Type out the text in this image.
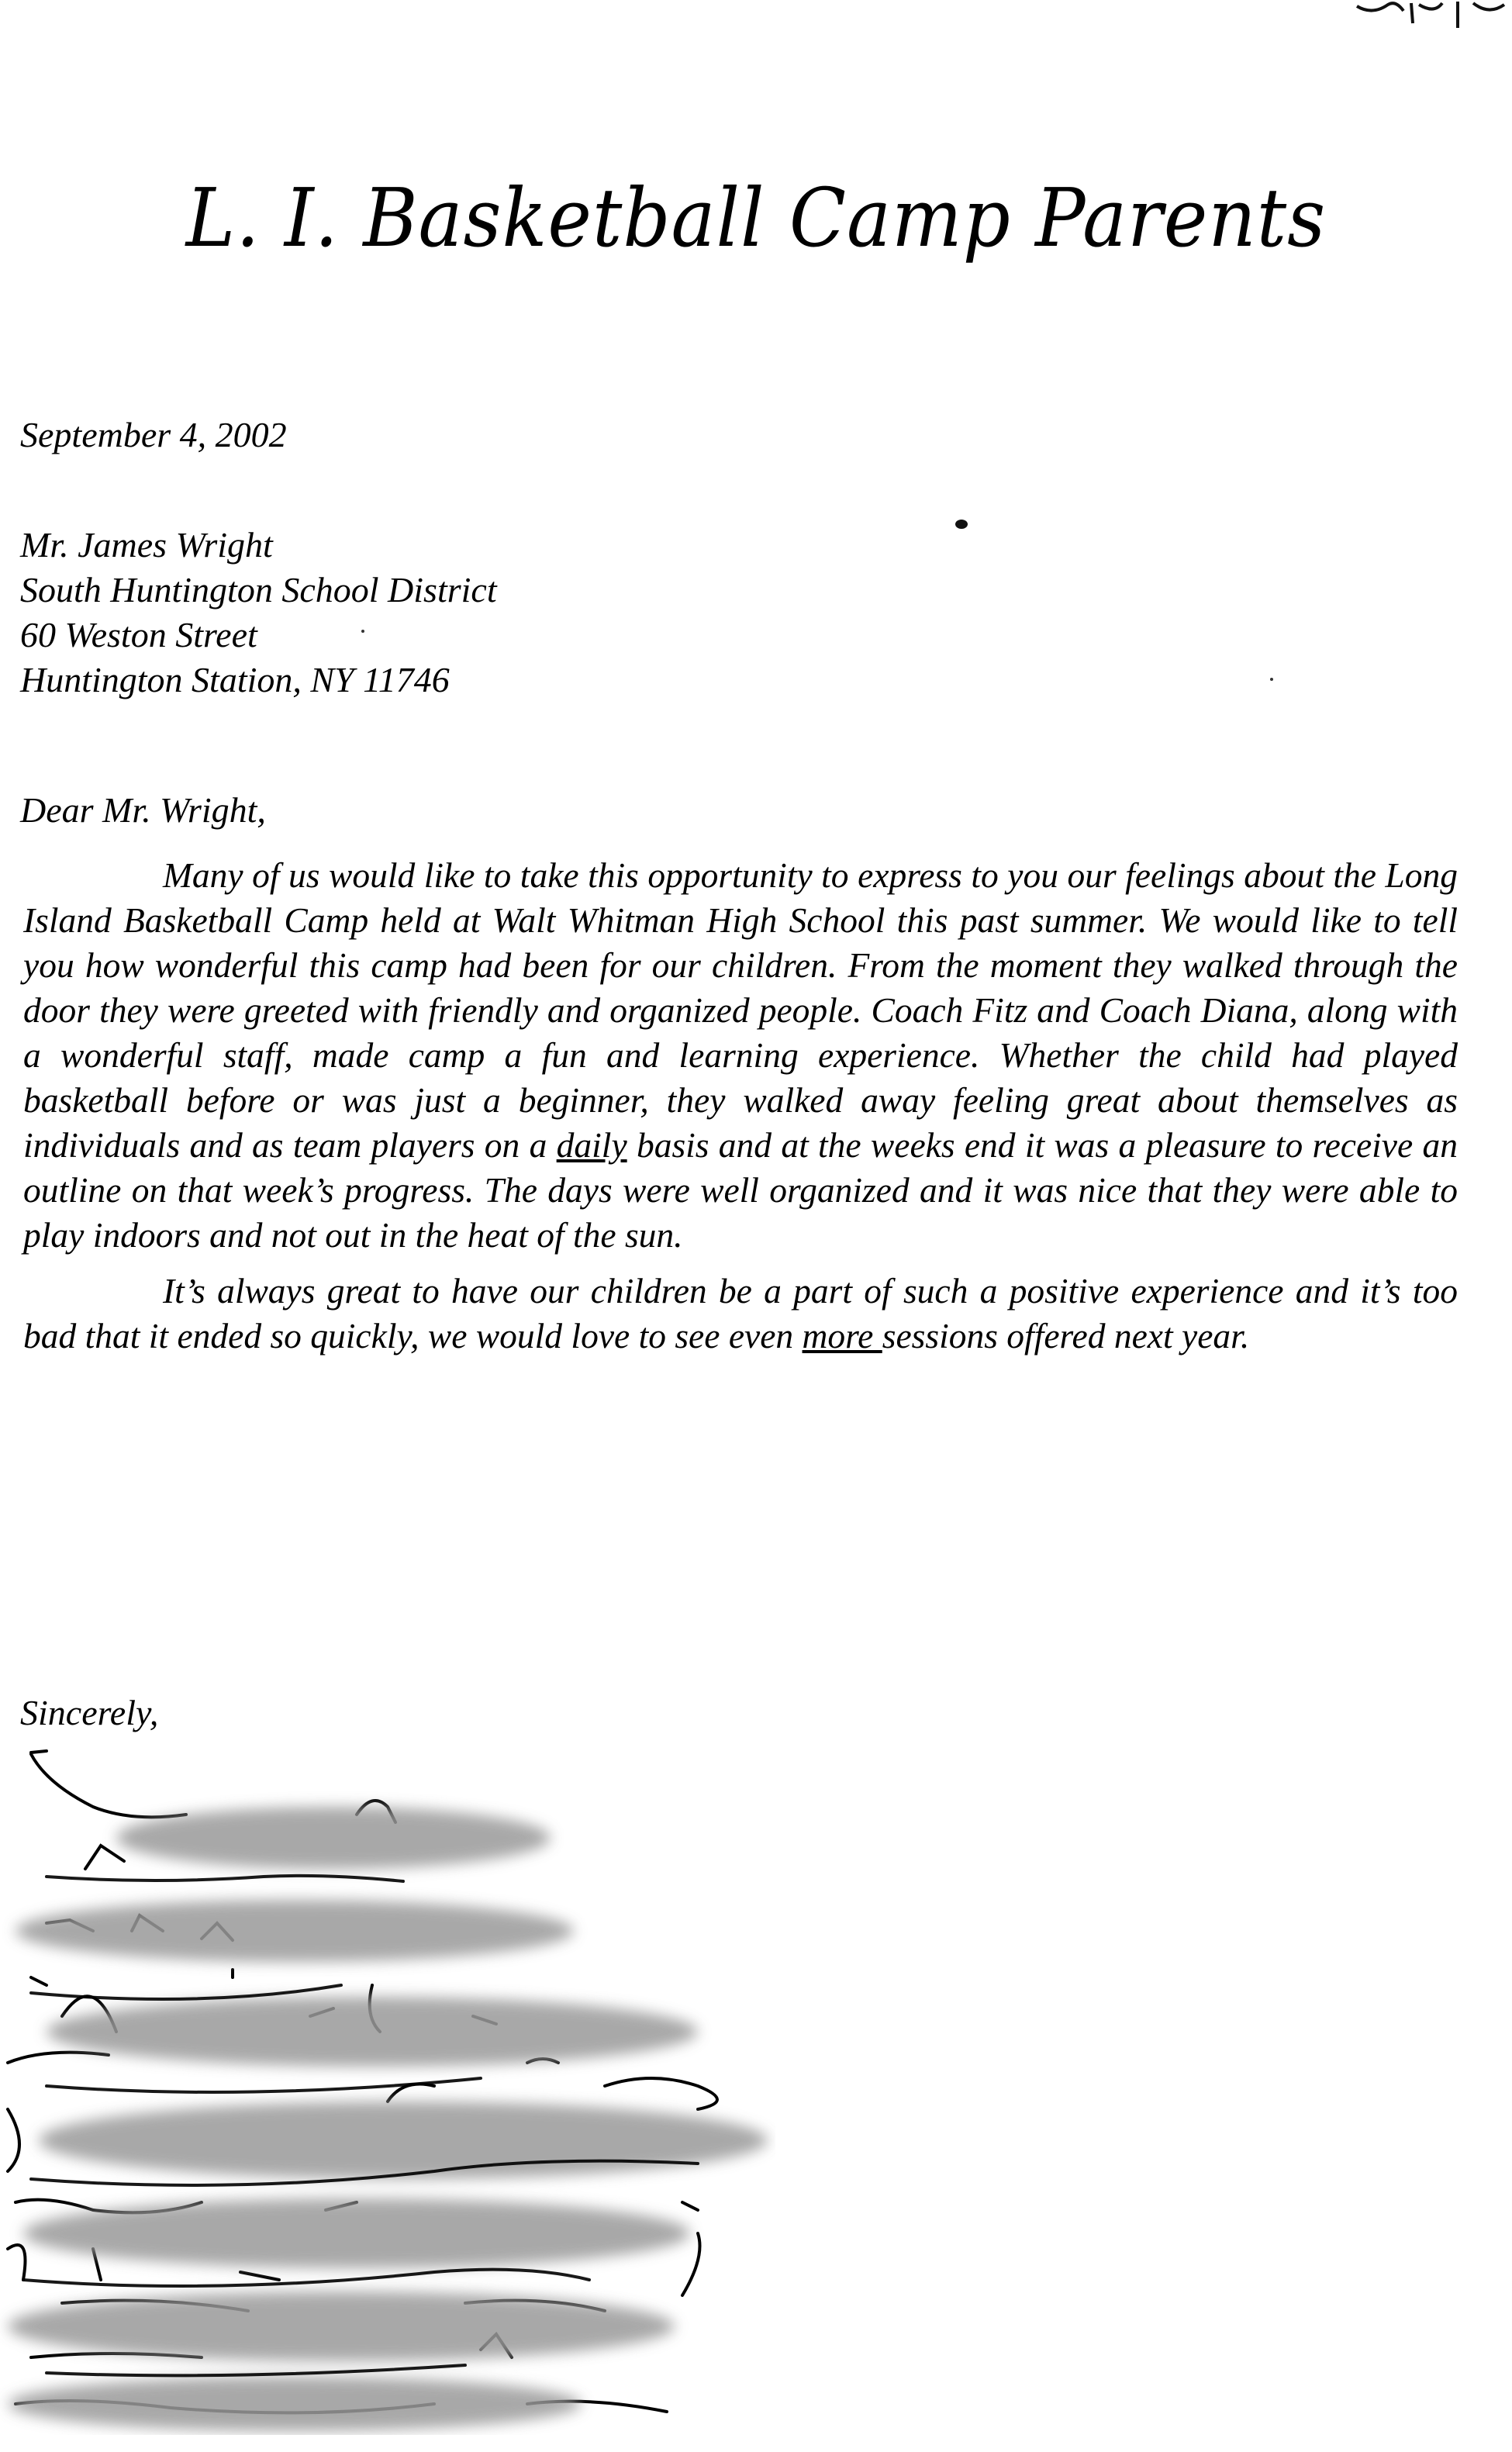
L. I. Basketball Camp Parents
September 4, 2002
Mr. James Wright
South Huntington School District
60 Weston Street
Huntington Station, NY 11746
Dear Mr. Wright,

Many of us would like to take this opportunity to express to you our feelings about the Long Island Basketball Camp held at Walt Whitman High School this past summer. We would like to tell you how wonderful this camp had been for our children. From the moment they walked through the door they were greeted with friendly and organized people. Coach Fitz and Coach Diana, along with a wonderful staff, made camp a fun and learning experience. Whether the child had played basketball before or was just a beginner, they walked away feeling great about themselves as individuals and as team players on a daily basis and at the weeks end it was a pleasure to receive an outline on that week’s progress. The days were well organized and it was nice that they were able to play indoors and not out in the heat of the sun.

It’s always great to have our children be a part of such a positive experience and it’s too bad that it ended so quickly, we would love to see even more sessions offered next year.

Sincerely,
